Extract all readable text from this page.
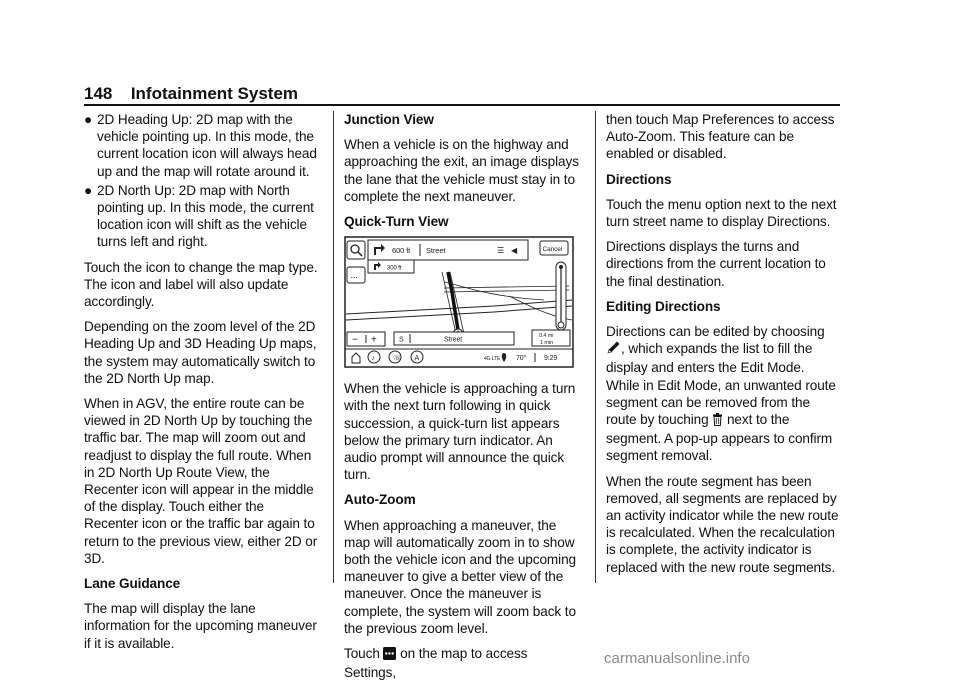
148 Infotainment System
● 2D Heading Up: 2D map with the vehicle pointing up. In this mode, the current location icon will always head up and the map will rotate around it.
● 2D North Up: 2D map with North pointing up. In this mode, the current location icon will shift as the vehicle turns left and right.

Touch the icon to change the map type. The icon and label will also update accordingly.

Depending on the zoom level of the 2D Heading Up and 3D Heading Up maps, the system may automatically switch to the 2D North Up map.

When in AGV, the entire route can be viewed in 2D North Up by touching the traffic bar. The map will zoom out and readjust to display the full route. When in 2D North Up Route View, the Recenter icon will appear in the middle of the display. Touch either the Recenter icon or the traffic bar again to return to the previous view, either 2D or 3D.

Lane Guidance

The map will display the lane information for the upcoming maneuver if it is available.

Junction View

When a vehicle is on the highway and approaching the exit, an image displays the lane that the vehicle must stay in to complete the next maneuver.

Quick-Turn View
...
600 ft Street	☰ ◀
300 ft
Cancel
− +	S	Street
0.4 mi
1 min
♪	☏ A	4G LTE 70°	9:29

When the vehicle is approaching a turn with the next turn following in quick succession, a quick-turn list appears below the primary turn indicator. An audio prompt will announce the quick turn.

Auto-Zoom

When approaching a maneuver, the map will automatically zoom in to show both the vehicle icon and the upcoming maneuver to give a better view of the maneuver. Once the maneuver is complete, the system will zoom back to the previous zoom level.

Touch on the map to access Settings,

then touch Map Preferences to access Auto-Zoom. This feature can be enabled or disabled.

Directions

Touch the menu option next to the next turn street name to display Directions.

Directions displays the turns and directions from the current location to the final destination.

Editing Directions

Directions can be edited by choosing , which expands the list to fill the display and enters the Edit Mode. While in Edit Mode, an unwanted route segment can be removed from the route by touching next to the segment. A pop-up appears to confirm segment removal.

When the route segment has been removed, all segments are replaced by an activity indicator while the new route is recalculated. When the recalculation is complete, the activity indicator is replaced with the new route segments.

carmanualsonline.info
